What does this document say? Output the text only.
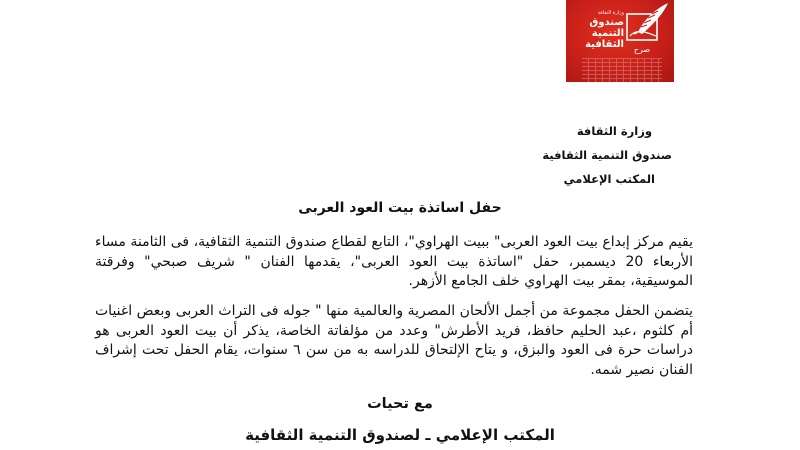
وزارة الثقافة
صندوق
التنمية
الثقافية صرح
وزارة الثقافة
صندوق التنمية الثقافية
المكتب الإعلامي
حفل اساتذة بيت العود العربى
يقيم مركز إبداع بيت العود العربى" ببيت الهراوي"، التابع لقطاع صندوق التنمية الثقافية، فى الثامنة مساء الأربعاء 20 ديسمبر، حفل "اساتذة بيت العود العربى"، يقدمها الفنان " شريف صبحي" وفرقتة الموسيقية، بمقر بيت الهراوي خلف الجامع الأزهر.
يتضمن الحفل مجموعة من أجمل الألحان المصرية والعالمية منها " جوله فى التراث العربى وبعض اغنيات أم كلثوم ،عبد الحليم حافظ، فريد الأطرش" وعدد من مؤلفاتة الخاصة، يذكر أن بيت العود العربى هو دراسات حرة فى العود والبزق، و يتاح الإلتحاق للدراسه به من سن ٦ سنوات، يقام الحفل تحت إشراف الفنان نصير شمه.
مع تحيات
المكتب الإعلامي ـ لصندوق التنمية الثقافية
